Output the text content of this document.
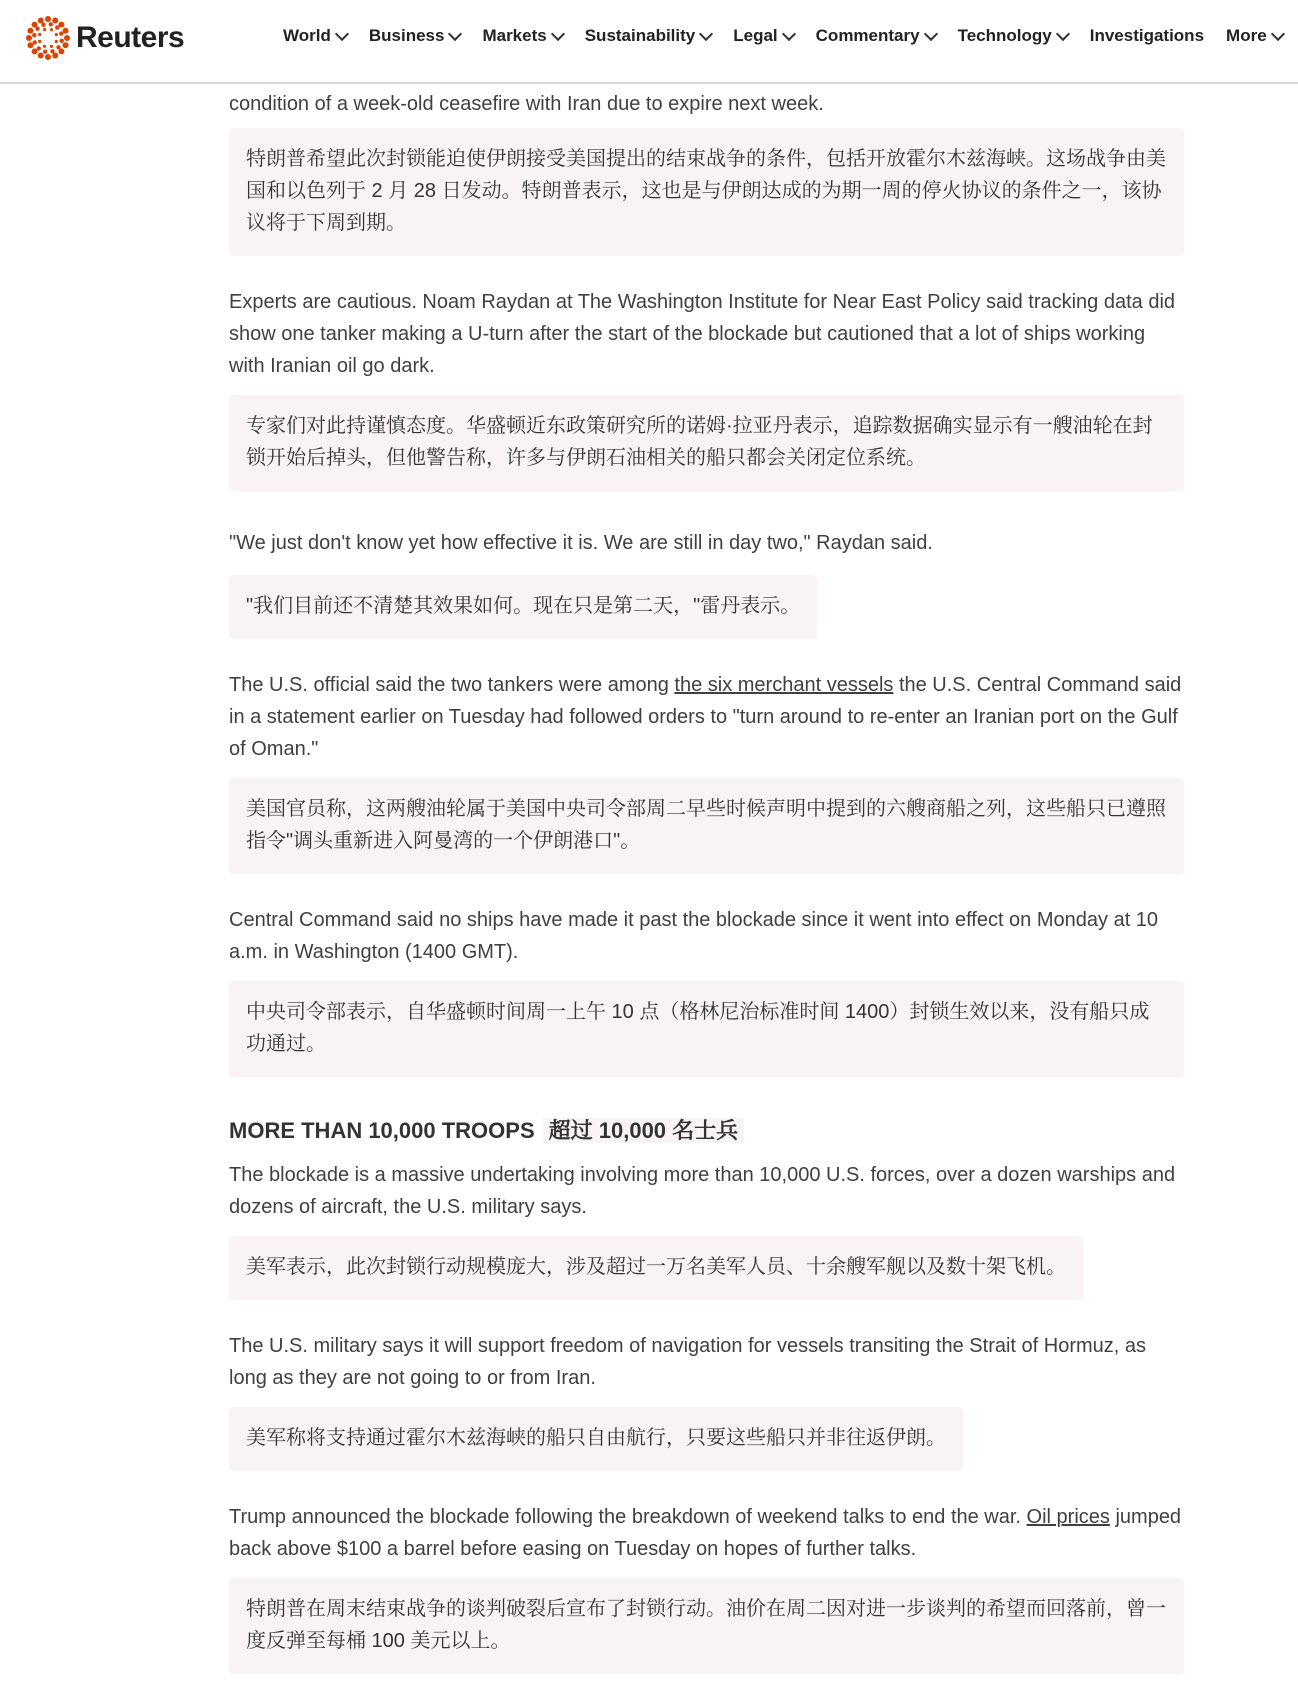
Reuters	World Business Markets Sustainability Legal Commentary Technology Investigations More

condition of a week-old ceasefire with Iran due to expire next week.

特朗普希望此次封锁能迫使伊朗接受美国提出的结束战争的条件，包括开放霍尔木兹海峡。这场战争由美国和以色列于 2 月 28 日发动。特朗普表示，这也是与伊朗达成的为期一周的停火协议的条件之一，该协议将于下周到期。

Experts are cautious. Noam Raydan at The Washington Institute for Near East Policy said tracking data did show one tanker making a U-turn after the start of the blockade but cautioned that a lot of ships working with Iranian oil go dark.

专家们对此持谨慎态度。华盛顿近东政策研究所的诺姆·拉亚丹表示，追踪数据确实显示有一艘油轮在封锁开始后掉头，但他警告称，许多与伊朗石油相关的船只都会关闭定位系统。

"We just don't know yet how effective it is. We are still in day two," Raydan said.

"我们目前还不清楚其效果如何。现在只是第二天，"雷丹表示。

The U.S. official said the two tankers were among the six merchant vessels the U.S. Central Command said in a statement earlier on Tuesday had followed orders to "turn around to re-enter an Iranian port on the Gulf of Oman."

美国官员称，这两艘油轮属于美国中央司令部周二早些时候声明中提到的六艘商船之列，这些船只已遵照指令"调头重新进入阿曼湾的一个伊朗港口"。

Central Command said no ships have made it past the blockade since it went into effect on Monday at 10 a.m. in Washington (1400 GMT).

中央司令部表示，自华盛顿时间周一上午 10 点（格林尼治标准时间 1400）封锁生效以来，没有船只成功通过。
MORE THAN 10,000 TROOPS 超过 10,000 名士兵

The blockade is a massive undertaking involving more than 10,000 U.S. forces, over a dozen warships and dozens of aircraft, the U.S. military says.

美军表示，此次封锁行动规模庞大，涉及超过一万名美军人员、十余艘军舰以及数十架飞机。

The U.S. military says it will support freedom of navigation for vessels transiting the Strait of Hormuz, as long as they are not going to or from Iran.

美军称将支持通过霍尔木兹海峡的船只自由航行，只要这些船只并非往返伊朗。

Trump announced the blockade following the breakdown of weekend talks to end the war. Oil prices jumped back above $100 a barrel before easing on Tuesday on hopes of further talks.

特朗普在周末结束战争的谈判破裂后宣布了封锁行动。油价在周二因对进一步谈判的希望而回落前，曾一度反弹至每桶 100 美元以上。
